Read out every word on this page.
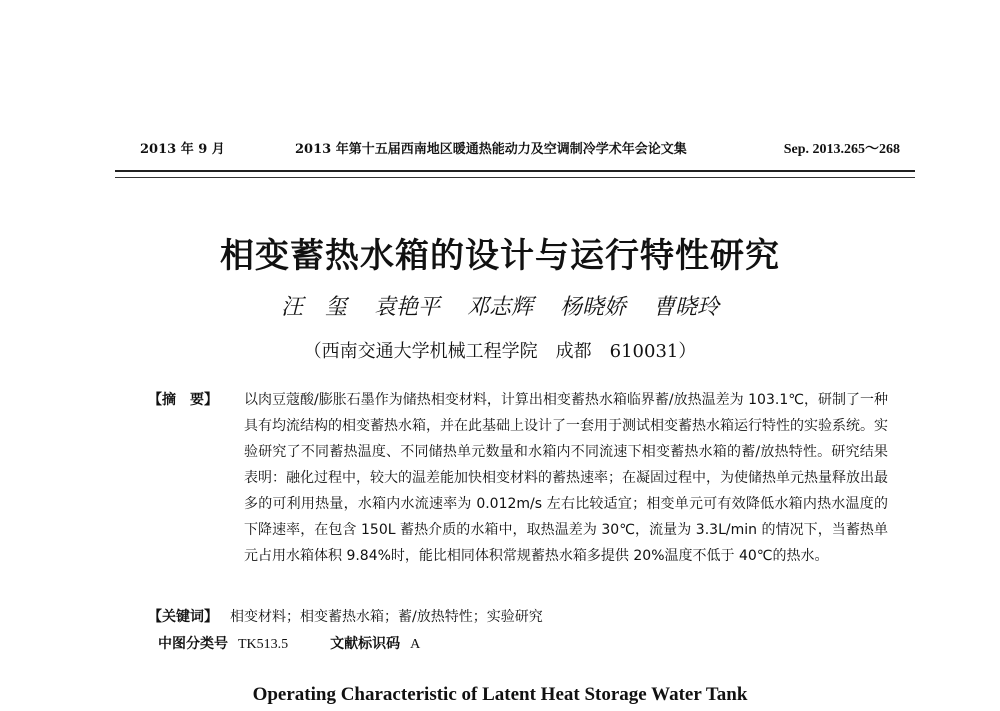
2013 年 9 月	2013 年第十五届西南地区暖通热能动力及空调制冷学术年会论文集	Sep. 2013.265～268
相变蓄热水箱的设计与运行特性研究
汪　玺 袁艳平 邓志辉 杨晓娇 曹晓玲
（西南交通大学机械工程学院　成都　610031）
【摘　要】 以肉豆蔻酸/膨胀石墨作为储热相变材料，计算出相变蓄热水箱临界蓄/放热温差为 103.1℃，研制了一种具有均流结构的相变蓄热水箱，并在此基础上设计了一套用于测试相变蓄热水箱运行特性的实验系统。实验研究了不同蓄热温度、不同储热单元数量和水箱内不同流速下相变蓄热水箱的蓄/放热特性。研究结果表明：融化过程中，较大的温差能加快相变材料的蓄热速率；在凝固过程中，为使储热单元热量释放出最多的可利用热量，水箱内水流速率为 0.012m/s 左右比较适宜；相变单元可有效降低水箱内热水温度的下降速率，在包含 150L 蓄热介质的水箱中，取热温差为 30℃，流量为 3.3L/min 的情况下，当蓄热单元占用水箱体积 9.84%时，能比相同体积常规蓄热水箱多提供 20%温度不低于 40℃的热水。
【关键词】 相变材料；相变蓄热水箱；蓄/放热特性；实验研究
中图分类号 TK513.5	文献标识码 A
Operating Characteristic of Latent Heat Storage Water Tank
